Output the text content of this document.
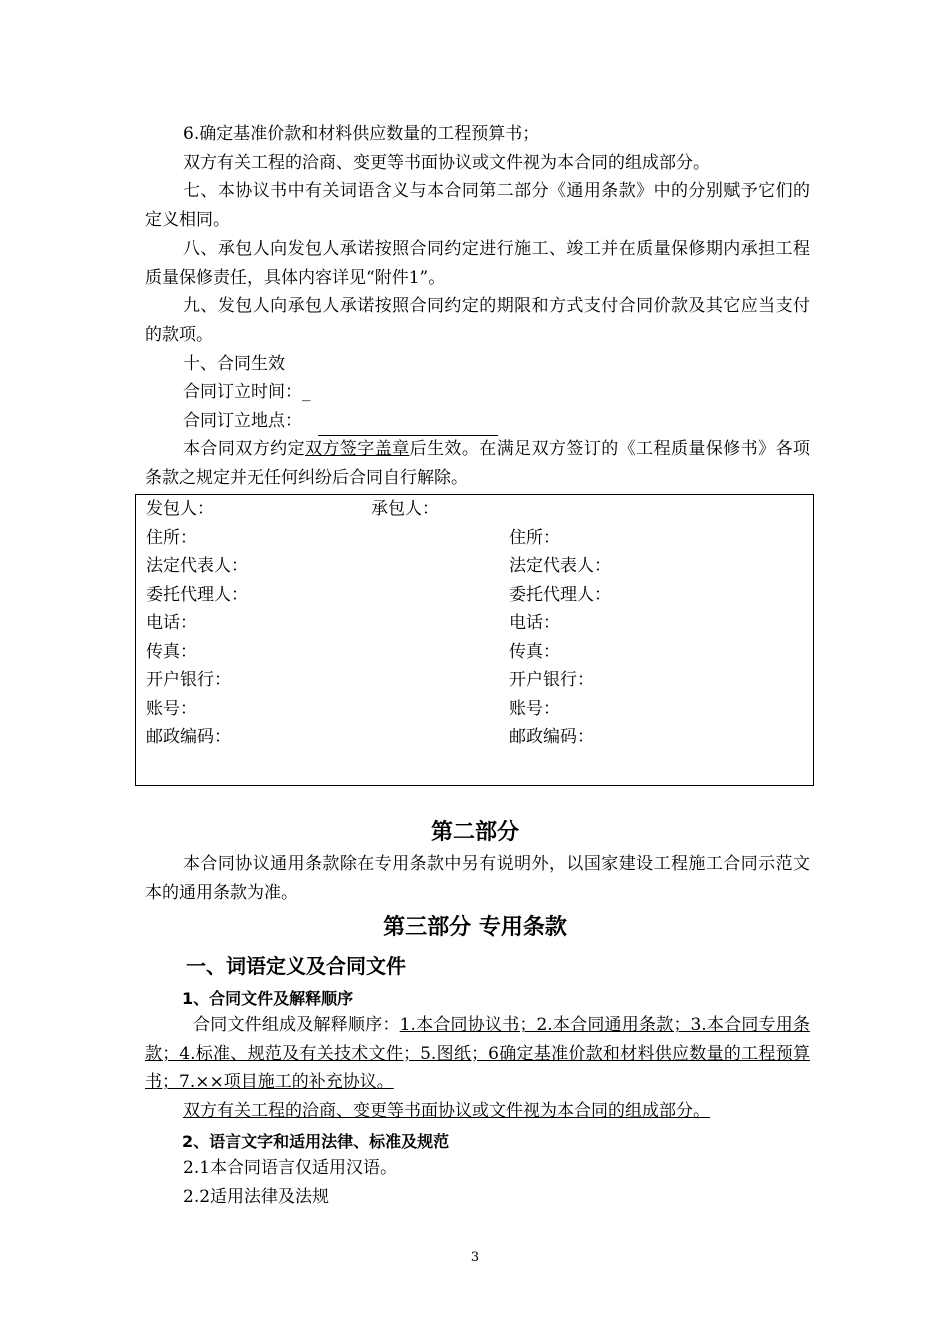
6.确定基准价款和材料供应数量的工程预算书；

双方有关工程的洽商、变更等书面协议或文件视为本合同的组成部分。

七、本协议书中有关词语含义与本合同第二部分《通用条款》中的分别赋予它们的定义相同。

八、承包人向发包人承诺按照合同约定进行施工、竣工并在质量保修期内承担工程质量保修责任，具体内容详见“附件1”。

九、发包人向承包人承诺按照合同约定的期限和方式支付合同价款及其它应当支付的款项。

十、合同生效

合同订立时间：_

合同订立地点：

本合同双方约定双方签字盖章后生效。在满足双方签订的《工程质量保修书》各项条款之规定并无任何纠纷后合同自行解除。

发包人：	承包人：
住所：	住所：
法定代表人：	法定代表人：
委托代理人：	委托代理人：
电话：	电话：
传真：	传真：
开户银行：	开户银行：
账号：	账号：
邮政编码：	邮政编码：
第二部分

本合同协议通用条款除在专用条款中另有说明外，以国家建设工程施工合同示范文本的通用条款为准。

第三部分 专用条款
一、词语定义及合同文件
1、合同文件及解释顺序

合同文件组成及解释顺序：1.本合同协议书；2.本合同通用条款；3.本合同专用条款；4.标准、规范及有关技术文件；5.图纸；6确定基准价款和材料供应数量的工程预算书；7.××项目施工的补充协议。

双方有关工程的洽商、变更等书面协议或文件视为本合同的组成部分。

2、语言文字和适用法律、标准及规范

2.1本合同语言仅适用汉语。

2.2适用法律及法规

3
